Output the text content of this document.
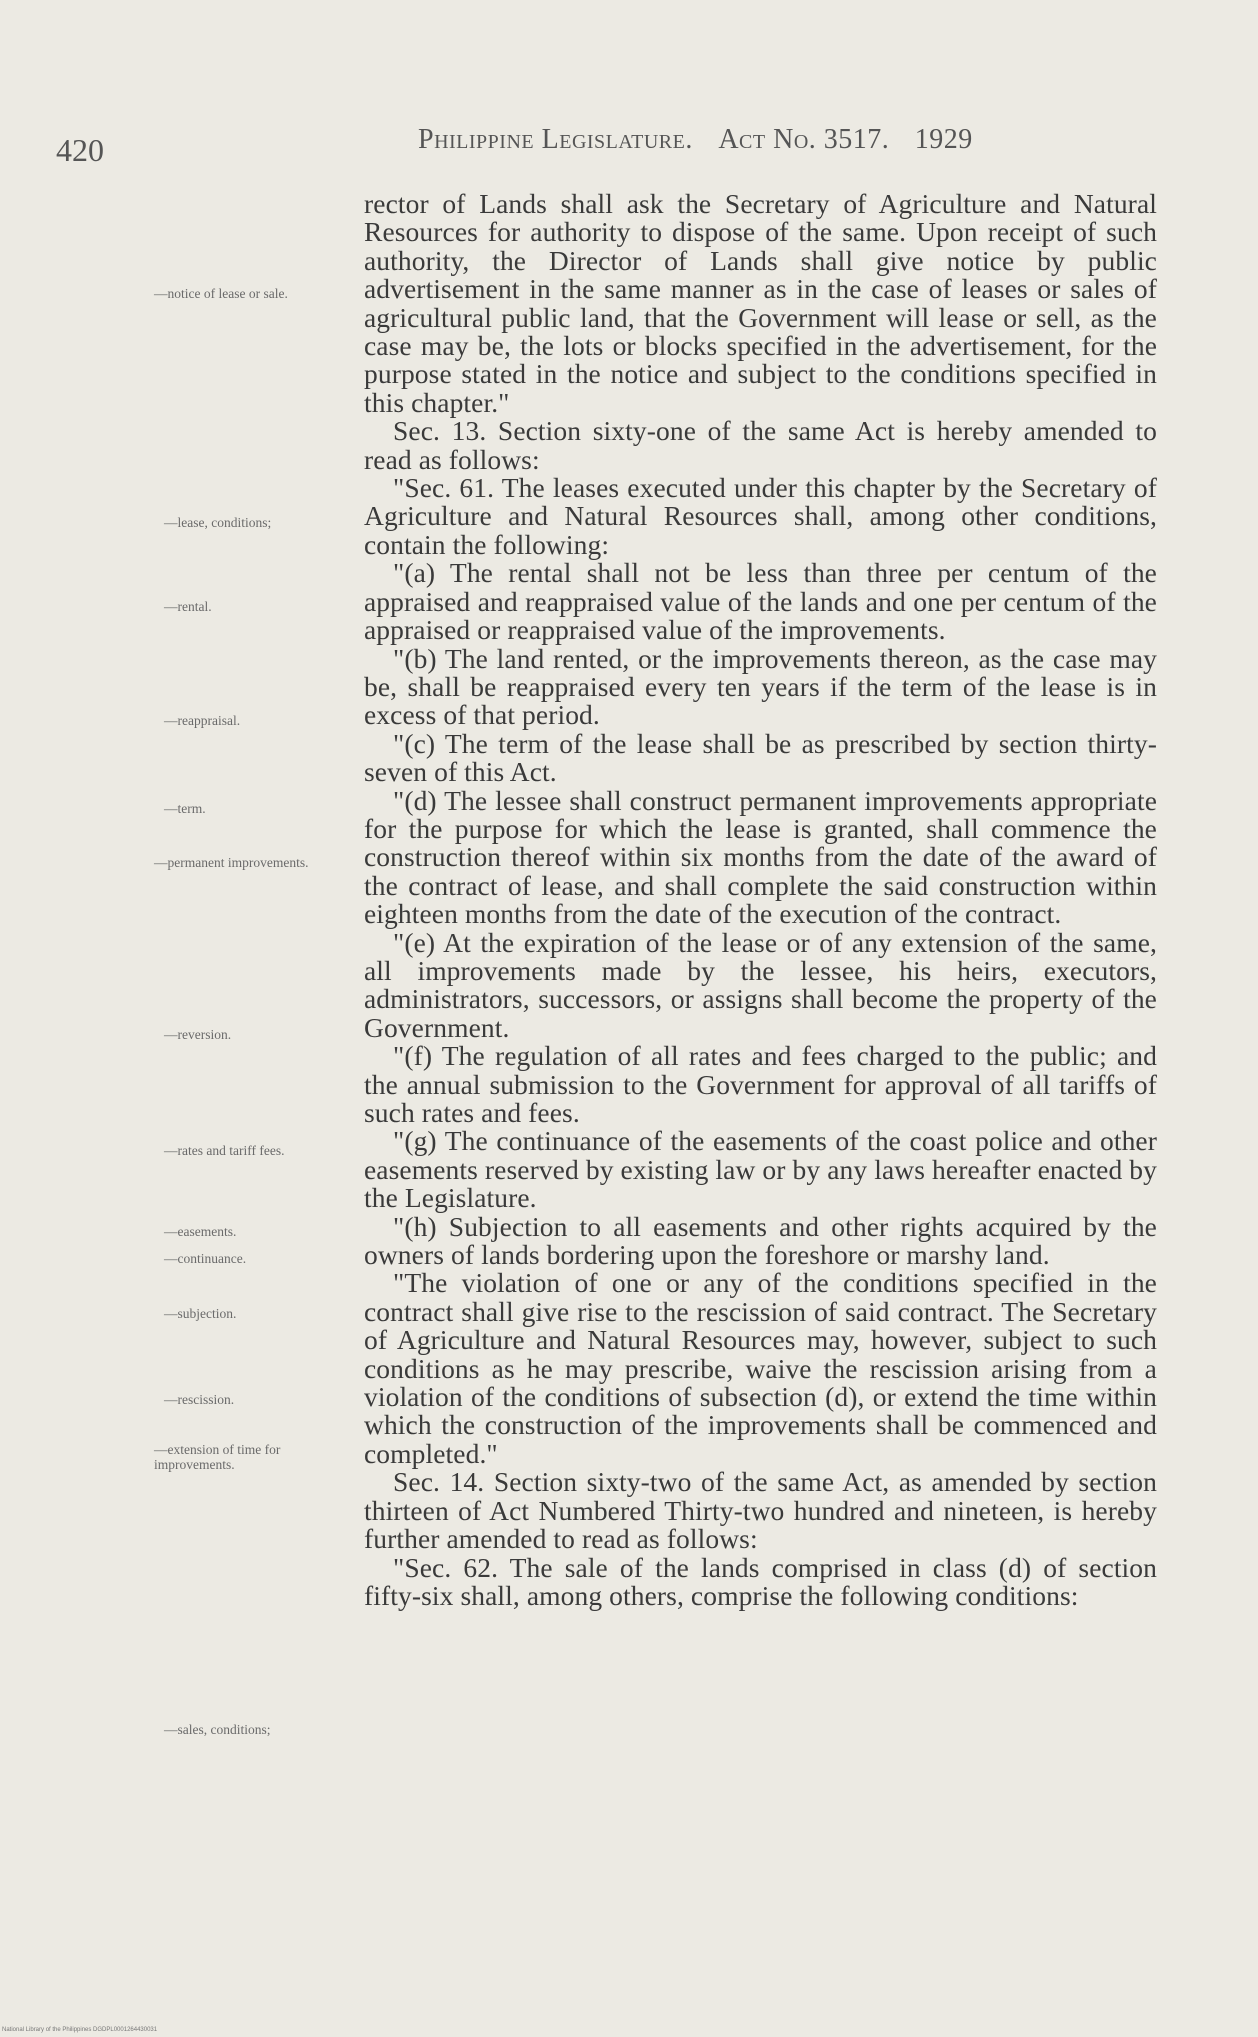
420	Philippine Legislature. Act No. 3517. 1929
—notice of lease or sale.
—lease, conditions;
—rental.
—reappraisal.
—term.
—permanent improvements.
—reversion.
—rates and tariff fees.
—easements.
—continuance.
—subjection.
—rescission.
—extension of time for improvements.
—sales, conditions;

rector of Lands shall ask the Secretary of Agriculture and Natural Resources for authority to dispose of the same. Upon receipt of such authority, the Director of Lands shall give notice by public advertisement in the same manner as in the case of leases or sales of agricultural public land, that the Government will lease or sell, as the case may be, the lots or blocks specified in the advertisement, for the purpose stated in the notice and subject to the conditions specified in this chapter."

Sec. 13. Section sixty-one of the same Act is hereby amended to read as follows:

"Sec. 61. The leases executed under this chapter by the Secretary of Agriculture and Natural Resources shall, among other conditions, contain the following:

"(a) The rental shall not be less than three per centum of the appraised and reappraised value of the lands and one per centum of the appraised or reappraised value of the improvements.

"(b) The land rented, or the improvements thereon, as the case may be, shall be reappraised every ten years if the term of the lease is in excess of that period.

"(c) The term of the lease shall be as prescribed by section thirty-seven of this Act.

"(d) The lessee shall construct permanent improvements appropriate for the purpose for which the lease is granted, shall commence the construction thereof within six months from the date of the award of the contract of lease, and shall complete the said construction within eighteen months from the date of the execution of the contract.

"(e) At the expiration of the lease or of any extension of the same, all improvements made by the lessee, his heirs, executors, administrators, successors, or assigns shall become the property of the Government.

"(f) The regulation of all rates and fees charged to the public; and the annual submission to the Government for approval of all tariffs of such rates and fees.

"(g) The continuance of the easements of the coast police and other easements reserved by existing law or by any laws hereafter enacted by the Legislature.

"(h) Subjection to all easements and other rights acquired by the owners of lands bordering upon the foreshore or marshy land.

"The violation of one or any of the conditions specified in the contract shall give rise to the rescission of said contract. The Secretary of Agriculture and Natural Resources may, however, subject to such conditions as he may prescribe, waive the rescission arising from a violation of the conditions of subsection (d), or extend the time within which the construction of the improvements shall be commenced and completed."

Sec. 14. Section sixty-two of the same Act, as amended by section thirteen of Act Numbered Thirty-two hundred and nineteen, is hereby further amended to read as follows:

"Sec. 62. The sale of the lands comprised in class (d) of section fifty-six shall, among others, comprise the following conditions:

National Library of the Philippines DGDPL0001264430031
